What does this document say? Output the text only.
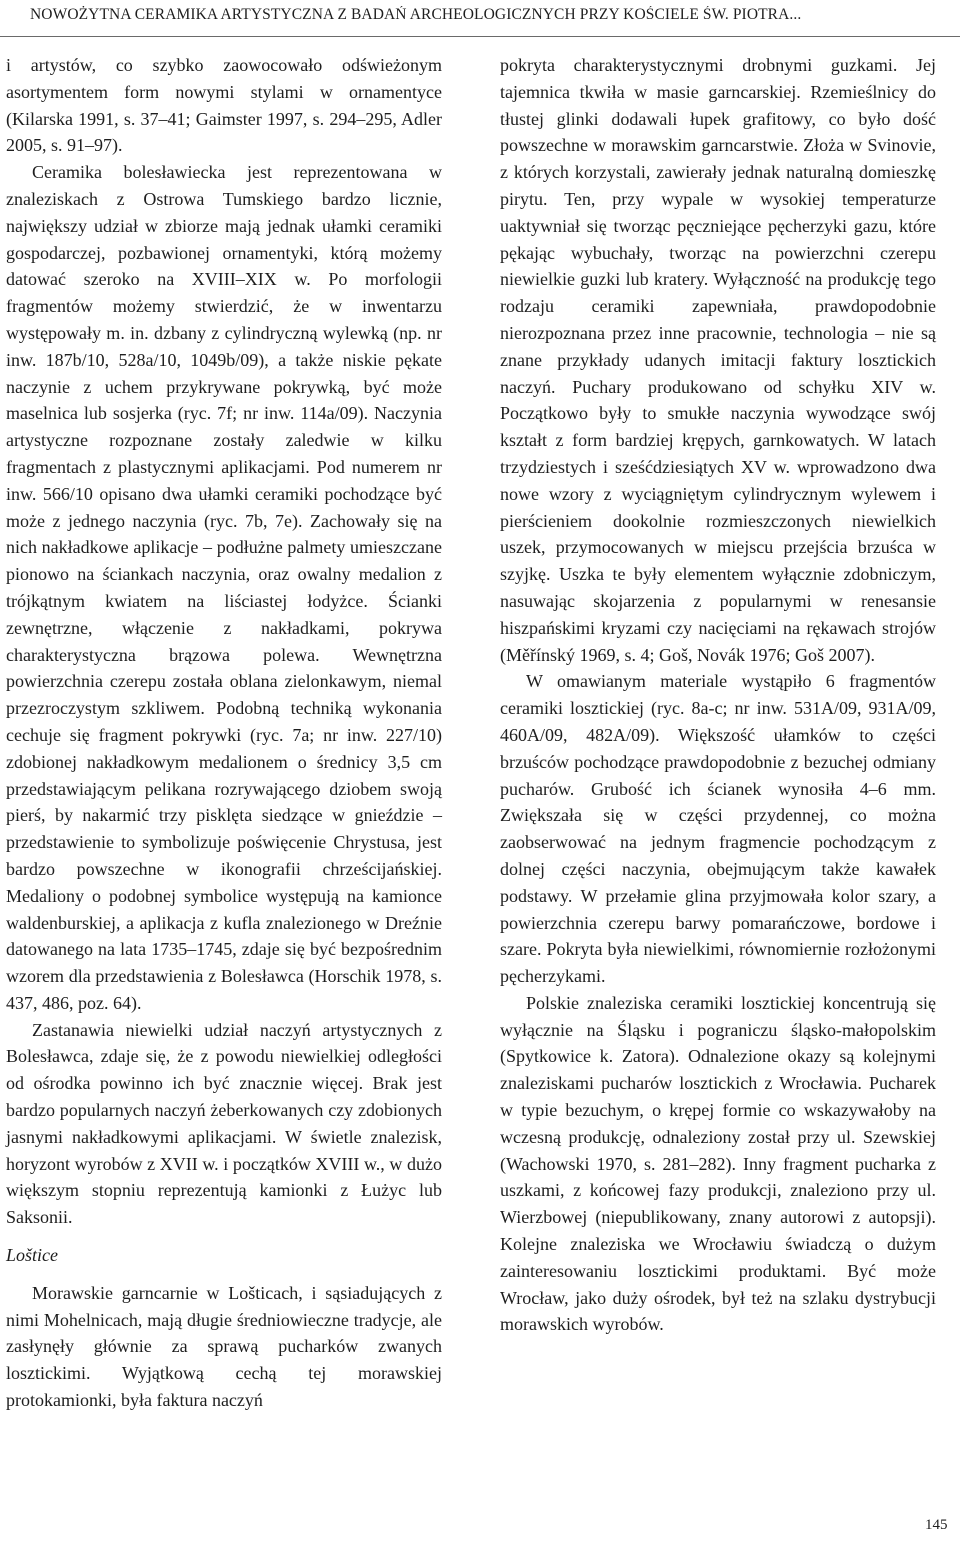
NOWOŻYTNA CERAMIKA ARTYSTYCZNA Z BADAŃ ARCHEOLOGICZNYCH PRZY KOŚCIELE ŚW. PIOTRA...

i artystów, co szybko zaowocowało odświeżonym asortymentem form nowymi stylami w ornamentyce (Kilarska 1991, s. 37–41; Gaimster 1997, s. 294–295, Adler 2005, s. 91–97).

Ceramika bolesławiecka jest reprezentowana w znaleziskach z Ostrowa Tumskiego bardzo licznie, największy udział w zbiorze mają jednak ułamki ceramiki gospodarczej, pozbawionej ornamentyki, którą możemy datować szeroko na XVIII–XIX w. Po morfologii fragmentów możemy stwierdzić, że w inwentarzu występowały m. in. dzbany z cylindryczną wylewką (np. nr inw. 187b/10, 528a/10, 1049b/09), a także niskie pękate naczynie z uchem przykrywane pokrywką, być może maselnica lub sosjerka (ryc. 7f; nr inw. 114a/09). Naczynia artystyczne rozpoznane zostały zaledwie w kilku fragmentach z plastycznymi aplikacjami. Pod numerem nr inw. 566/10 opisano dwa ułamki ceramiki pochodzące być może z jednego naczynia (ryc. 7b, 7e). Zachowały się na nich nakładkowe aplikacje – podłużne palmety umieszczane pionowo na ściankach naczynia, oraz owalny medalion z trójkątnym kwiatem na liściastej łodyżce. Ścianki zewnętrzne, włączenie z nakładkami, pokrywa charakterystyczna brązowa polewa. Wewnętrzna powierzchnia czerepu została oblana zielonkawym, niemal przezroczystym szkliwem. Podobną techniką wykonania cechuje się fragment pokrywki (ryc. 7a; nr inw. 227/10) zdobionej nakładkowym medalionem o średnicy 3,5 cm przedstawiającym pelikana rozrywającego dziobem swoją pierś, by nakarmić trzy pisklęta siedzące w gnieździe – przedstawienie to symbolizuje poświęcenie Chrystusa, jest bardzo powszechne w ikonografii chrześcijańskiej. Medaliony o podobnej symbolice występują na kamionce waldenburskiej, a aplikacja z kufla znalezionego w Dreźnie datowanego na lata 1735–1745, zdaje się być bezpośrednim wzorem dla przedstawienia z Bolesławca (Horschik 1978, s. 437, 486, poz. 64).

Zastanawia niewielki udział naczyń artystycznych z Bolesławca, zdaje się, że z powodu niewielkiej odległości od ośrodka powinno ich być znacznie więcej. Brak jest bardzo popularnych naczyń żeberkowanych czy zdobionych jasnymi nakładkowymi aplikacjami. W świetle znalezisk, horyzont wyrobów z XVII w. i początków XVIII w., w dużo większym stopniu reprezentują kamionki z Łużyc lub Saksonii.

Loštice

Morawskie garncarnie w Lošticach, i sąsiadujących z nimi Mohelnicach, mają długie średniowieczne tradycje, ale zasłynęły głównie za sprawą pucharków zwanych losztickimi. Wyjątkową cechą tej morawskiej protokamionki, była faktura naczyń

pokryta charakterystycznymi drobnymi guzkami. Jej tajemnica tkwiła w masie garncarskiej. Rzemieślnicy do tłustej glinki dodawali łupek grafitowy, co było dość powszechne w morawskim garncarstwie. Złoża w Svinovie, z których korzystali, zawierały jednak naturalną domieszkę pirytu. Ten, przy wypale w wysokiej temperaturze uaktywniał się tworząc pęczniejące pęcherzyki gazu, które pękając wybuchały, tworząc na powierzchni czerepu niewielkie guzki lub kratery. Wyłączność na produkcję tego rodzaju ceramiki zapewniała, prawdopodobnie nierozpoznana przez inne pracownie, technologia – nie są znane przykłady udanych imitacji faktury losztickich naczyń. Puchary produkowano od schyłku XIV w. Początkowo były to smukłe naczynia wywodzące swój kształt z form bardziej krępych, garnkowatych. W latach trzydziestych i sześćdziesiątych XV w. wprowadzono dwa nowe wzory z wyciągniętym cylindrycznym wylewem i pierścieniem dookolnie rozmieszczonych niewielkich uszek, przymocowanych w miejscu przejścia brzuśca w szyjkę. Uszka te były elementem wyłącznie zdobniczym, nasuwając skojarzenia z popularnymi w renesansie hiszpańskimi kryzami czy nacięciami na rękawach strojów (Měřínský 1969, s. 4; Goš, Novák 1976; Goš 2007).

W omawianym materiale wystąpiło 6 fragmentów ceramiki losztickiej (ryc. 8a-c; nr inw. 531A/09, 931A/09, 460A/09, 482A/09). Większość ułamków to części brzuśców pochodzące prawdopodobnie z bezuchej odmiany pucharów. Grubość ich ścianek wynosiła 4–6 mm. Zwiększała się w części przydennej, co można zaobserwować na jednym fragmencie pochodzącym z dolnej części naczynia, obejmującym także kawałek podstawy. W przełamie glina przyjmowała kolor szary, a powierzchnia czerepu barwy pomarańczowe, bordowe i szare. Pokryta była niewielkimi, równomiernie rozłożonymi pęcherzykami.

Polskie znaleziska ceramiki losztickiej koncentrują się wyłącznie na Śląsku i pograniczu śląsko-małopolskim (Spytkowice k. Zatora). Odnalezione okazy są kolejnymi znaleziskami pucharów losztickich z Wrocławia. Pucharek w typie bezuchym, o krępej formie co wskazywałoby na wczesną produkcję, odnaleziony został przy ul. Szewskiej (Wachowski 1970, s. 281–282). Inny fragment pucharka z uszkami, z końcowej fazy produkcji, znaleziono przy ul. Wierzbowej (niepublikowany, znany autorowi z autopsji). Kolejne znaleziska we Wrocławiu świadczą o dużym zainteresowaniu losztickimi produktami. Być może Wrocław, jako duży ośrodek, był też na szlaku dystrybucji morawskich wyrobów.

145
